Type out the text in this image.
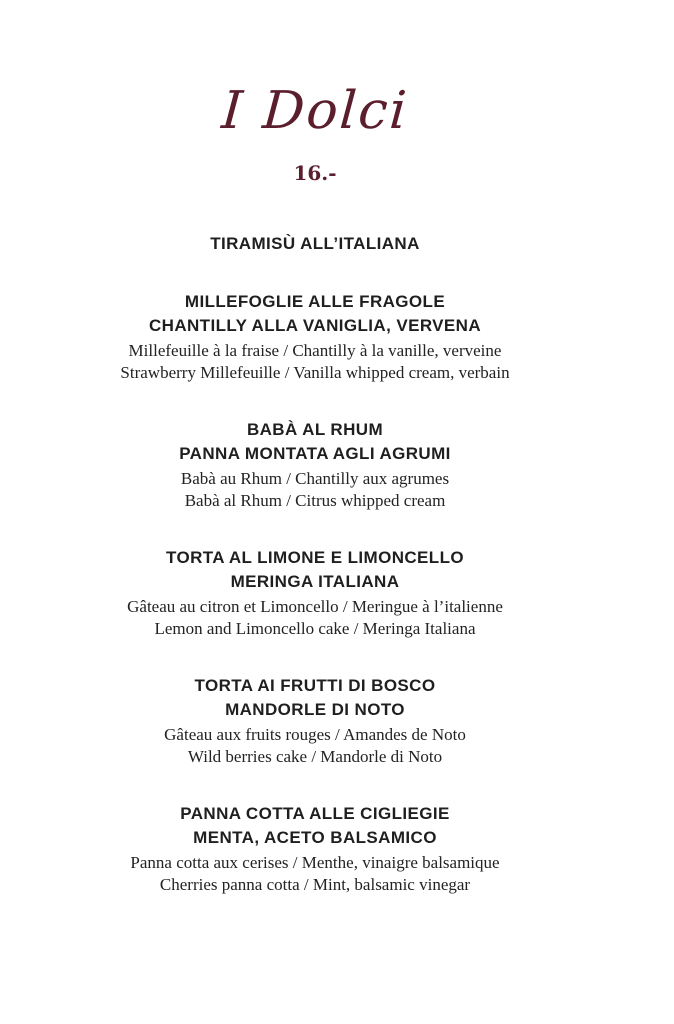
I Dolci
16.-
TIRAMISÙ ALL’ITALIANA
MILLEFOGLIE ALLE FRAGOLE
CHANTILLY ALLA VANIGLIA, VERVENA
Millefeuille à la fraise / Chantilly à la vanille, verveine
Strawberry Millefeuille / Vanilla whipped cream, verbain
BABÀ AL RHUM
PANNA MONTATA AGLI AGRUMI
Babà au Rhum / Chantilly aux agrumes
Babà al Rhum / Citrus whipped cream
TORTA AL LIMONE E LIMONCELLO
MERINGA ITALIANA
Gâteau au citron et Limoncello / Meringue à l’italienne
Lemon and Limoncello cake / Meringa Italiana
TORTA AI FRUTTI DI BOSCO
MANDORLE DI NOTO
Gâteau aux fruits rouges / Amandes de Noto
Wild berries cake / Mandorle di Noto
PANNA COTTA ALLE CIGLIEGIE
MENTA, ACETO BALSAMICO
Panna cotta aux cerises / Menthe, vinaigre balsamique
Cherries panna cotta / Mint, balsamic vinegar
